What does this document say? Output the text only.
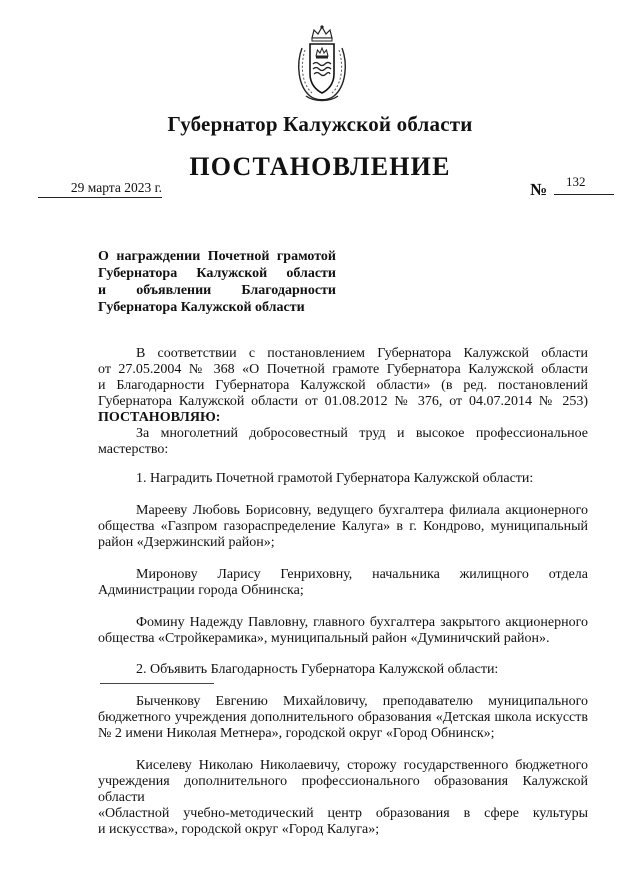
Губернатор Калужской области
ПОСТАНОВЛЕНИЕ
29 марта 2023 г.	№ 132
О награждении Почетной грамотой
Губернатора Калужской области
и объявлении Благодарности
Губернатора Калужской области
В соответствии с постановлением Губернатора Калужской области
от 27.05.2004 № 368 «О Почетной грамоте Губернатора Калужской области
и Благодарности Губернатора Калужской области» (в ред. постановлений
Губернатора Калужской области от 01.08.2012 № 376, от 04.07.2014 № 253)
ПОСТАНОВЛЯЮ:
За многолетний добросовестный труд и высокое профессиональное
мастерство:
1. Наградить Почетной грамотой Губернатора Калужской области:
Марееву Любовь Борисовну, ведущего бухгалтера филиала акционерного
общества «Газпром газораспределение Калуга» в г. Кондрово, муниципальный
район «Дзержинский район»;
Миронову Ларису Генриховну, начальника жилищного отдела
Администрации города Обнинска;
Фомину Надежду Павловну, главного бухгалтера закрытого акционерного
общества «Стройкерамика», муниципальный район «Думиничский район».
2. Объявить Благодарность Губернатора Калужской области:
Быченкову Евгению Михайловичу, преподавателю муниципального
бюджетного учреждения дополнительного образования «Детская школа искусств
№ 2 имени Николая Метнера», городской округ «Город Обнинск»;
Киселеву Николаю Николаевичу, сторожу государственного бюджетного
учреждения дополнительного профессионального образования Калужской области
«Областной учебно-методический центр образования в сфере культуры
и искусства», городской округ «Город Калуга»;
